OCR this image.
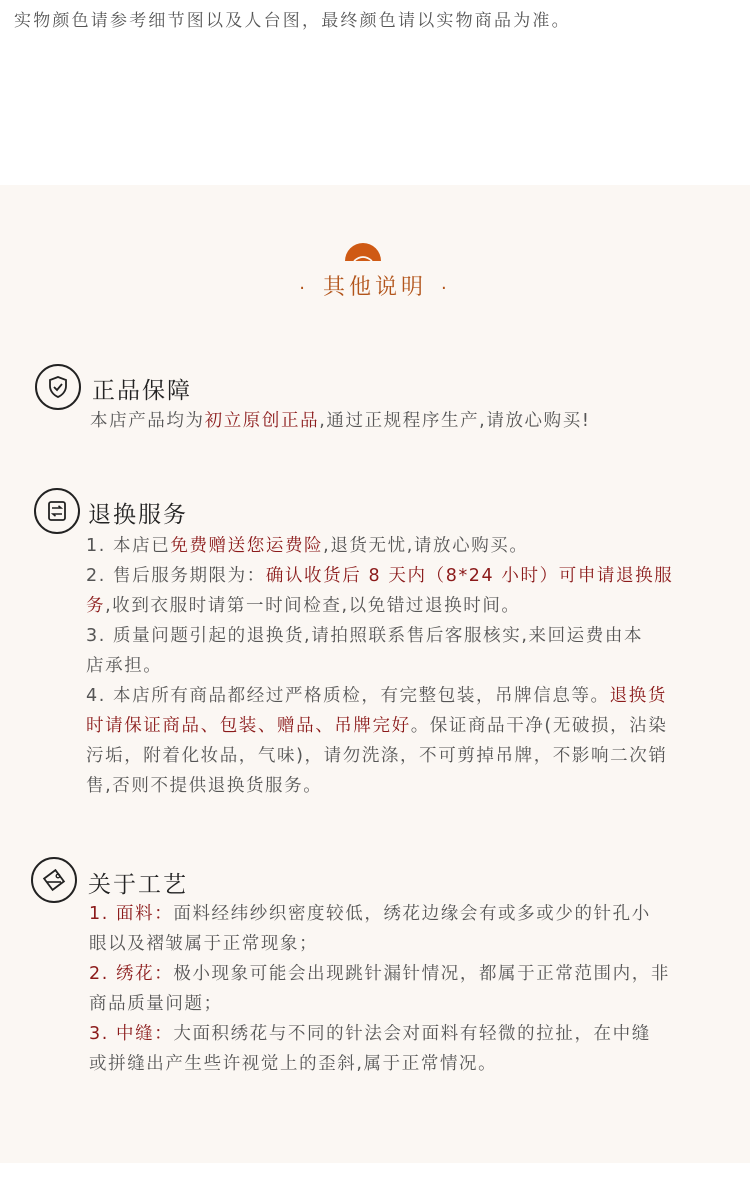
实物颜色请参考细节图以及人台图，最终颜色请以实物商品为准。
· 其他说明 ·
正品保障
本店产品均为初立原创正品,通过正规程序生产,请放心购买!
退换服务
1. 本店已免费赠送您运费险,退货无忧,请放心购买。
2. 售后服务期限为：确认收货后 8 天内（8*24 小时）可申请退换服
务,收到衣服时请第一时间检查,以免错过退换时间。
3. 质量问题引起的退换货,请拍照联系售后客服核实,来回运费由本
店承担。
4. 本店所有商品都经过严格质检，有完整包装，吊牌信息等。退换货
时请保证商品、包装、赠品、吊牌完好。保证商品干净(无破损，沾染
污垢，附着化妆品，气味)，请勿洗涤，不可剪掉吊牌，不影响二次销
售,否则不提供退换货服务。
关于工艺
1. 面料：面料经纬纱织密度较低，绣花边缘会有或多或少的针孔小
眼以及褶皱属于正常现象；
2. 绣花：极小现象可能会出现跳针漏针情况，都属于正常范围内，非
商品质量问题；
3. 中缝：大面积绣花与不同的针法会对面料有轻微的拉扯，在中缝
或拼缝出产生些许视觉上的歪斜,属于正常情况。
